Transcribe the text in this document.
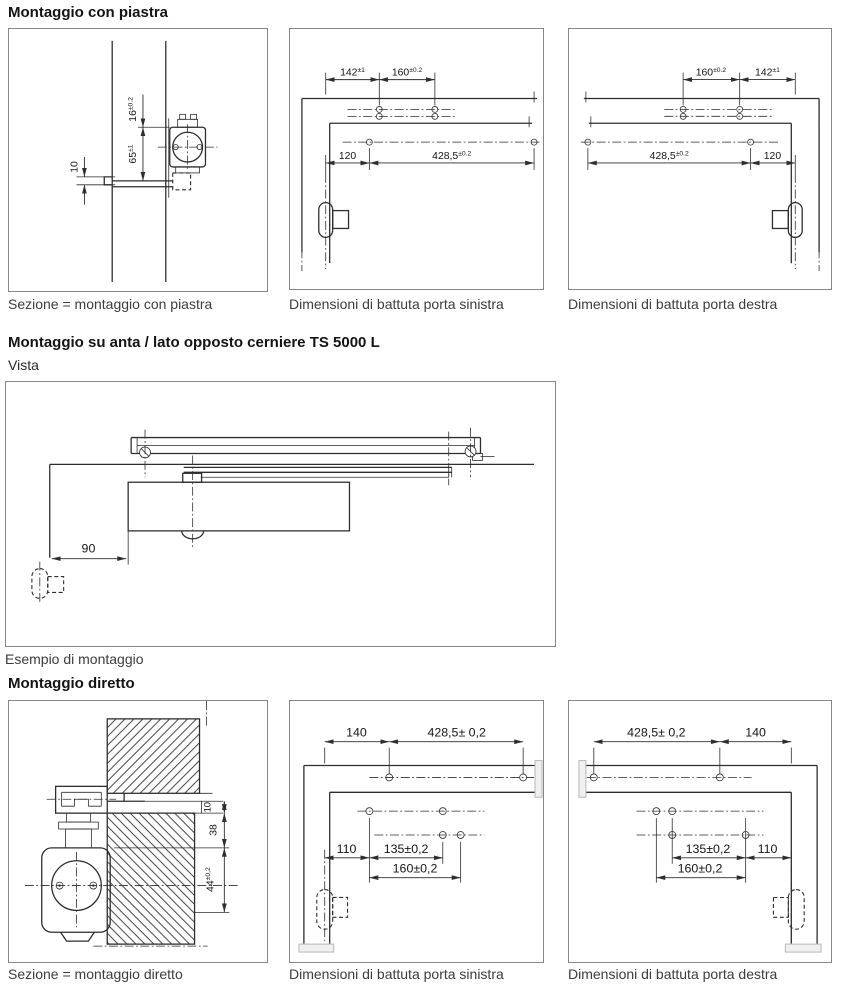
Montaggio con piastra
$16^{\pm 0.2}$
$65^{\pm 1}$
10
$142^{\pm 1}$	$160^{\pm 0.2}$
120	$428,5^{\pm 0.2}$
$160^{\pm 0.2}$	$142^{\pm 1}$
$428,5^{\pm 0.2}$	120
Sezione = montaggio con piastra	Dimensioni di battuta porta sinistra	Dimensioni di battuta porta destra
Montaggio su anta / lato opposto cerniere TS 5000 L
Vista
90
Esempio di montaggio
Montaggio diretto
10
38
$44^{\pm 0,2}$
140	428,5± 0,2
110 135±0,2
160±0,2
428,5± 0,2	140
135±0,2 110
160±0,2
Sezione = montaggio diretto	Dimensioni di battuta porta sinistra	Dimensioni di battuta porta destra
